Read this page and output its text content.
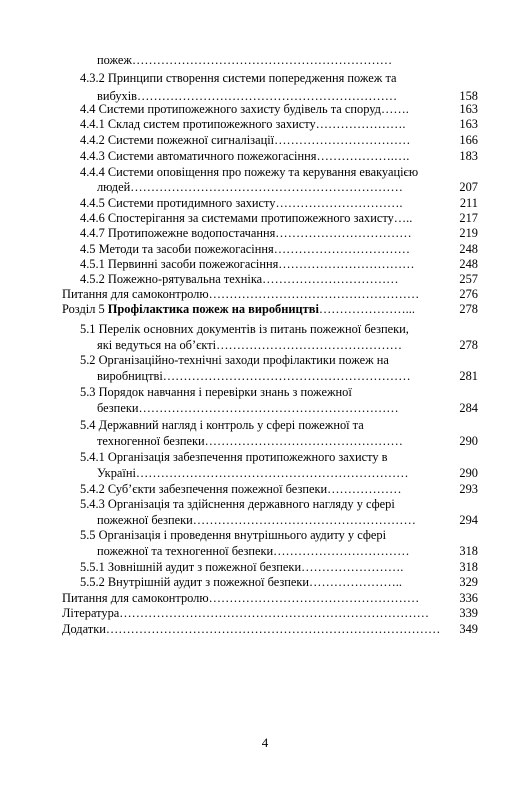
пожеж………………………………………………………
4.3.2 Принципи створення системи попередження пожеж та
вибухів………………………………………………………	158
4.4 Системи протипожежного захисту будівель та споруд…….	163
4.4.1 Склад систем протипожежного захисту………………….	163
4.4.2 Системи пожежної сигналізації……………………………	166
4.4.3 Системи автоматичного пожежогасіння……………….….	183
4.4.4 Системи оповіщення про пожежу та керування евакуацією
людей…………………………………………………………	207
4.4.5 Системи протидимного захисту………………………….	211
4.4.6 Спостерігання за системами протипожежного захисту…..	217
4.4.7 Протипожежне водопостачання……………………………	219
4.5 Методи та засоби пожежогасіння……………………………	248
4.5.1 Первинні засоби пожежогасіння……………………………	248
4.5.2 Пожежно-рятувальна техніка……………………………	257
Питання для самоконтролю……………………………………………	276
Розділ 5 Профілактика пожеж на виробництві…………………...	278
5.1 Перелік основних документів із питань пожежної безпеки,
які ведуться на об’єкті………………………………………	278
5.2 Організаційно-технічні заходи профілактики пожеж на
виробництві……………………………………………………	281
5.3 Порядок навчання і перевірки знань з пожежної
безпеки………………………………………………………	284
5.4 Державний нагляд і контроль у сфері пожежної та
техногенної безпеки…………………………………………	290
5.4.1 Організація забезпечення протипожежного захисту в
Україні…………………………………………………………	290
5.4.2 Суб’єкти забезпечення пожежної безпеки………………	293
5.4.3 Організація та здійснення державного нагляду у сфері
пожежної безпеки………………………………………………	294
5.5 Організація і проведення внутрішнього аудиту у сфері
пожежної та техногенної безпеки……………………………	318
5.5.1 Зовнішній аудит з пожежної безпеки…………………….	318
5.5.2 Внутрішній аудит з пожежної безпеки…………………..	329
Питання для самоконтролю……………………………………………	336
Література…………………………………………………………………	339
Додатки……………………………………………………………………… 349
4
